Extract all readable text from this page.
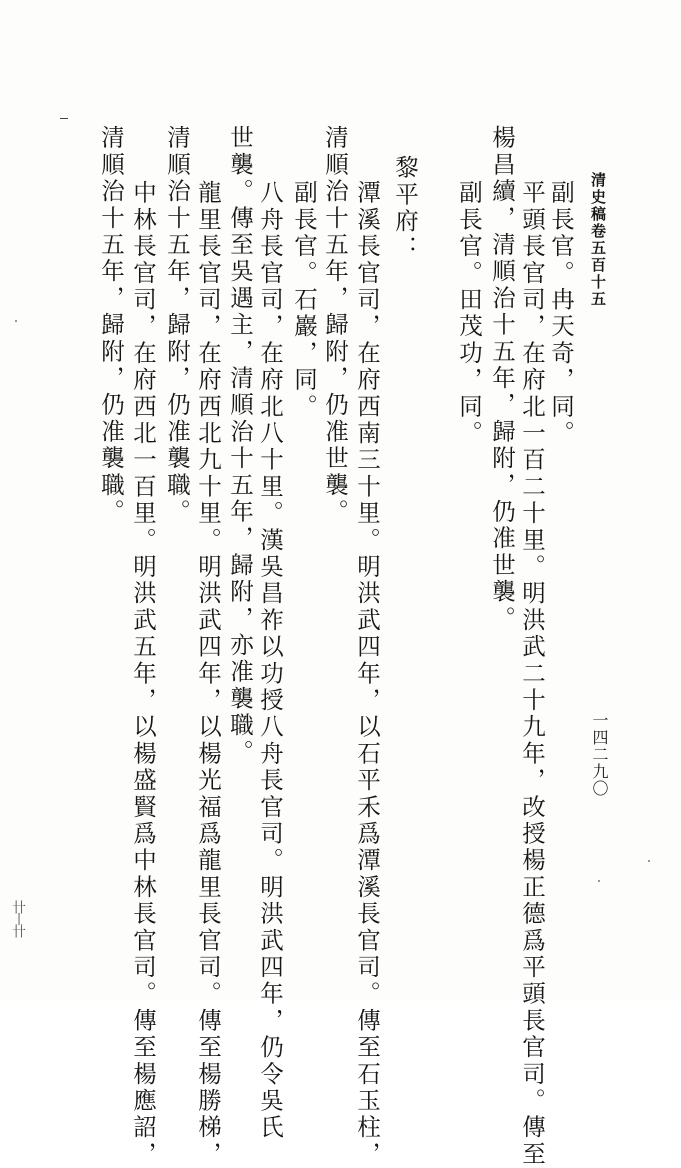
清史稿卷五百十五
一四二九〇
副長官。冉天奇，同。
平頭長官司，在府北一百二十里。明洪武二十九年，改授楊正德爲平頭長官司。傳至
楊昌續，清順治十五年，歸附，仍准世襲。
副長官。田茂功，同。
黎平府：
潭溪長官司，在府西南三十里。明洪武四年，以石平禾爲潭溪長官司。傳至石玉柱，
清順治十五年，歸附，仍准世襲。
副長官。石巖，同。
八舟長官司，在府北八十里。漢吳昌祚以功授八舟長官司。明洪武四年，仍令吳氏
世襲。傳至吳遇主，清順治十五年，歸附，亦准襲職。
龍里長官司，在府西北九十里。明洪武四年，以楊光福爲龍里長官司。傳至楊勝梯，
清順治十五年，歸附，仍准襲職。
中林長官司，在府西北一百里。明洪武五年，以楊盛賢爲中林長官司。傳至楊應詔，
清順治十五年，歸附，仍准襲職。
卄〡卄
